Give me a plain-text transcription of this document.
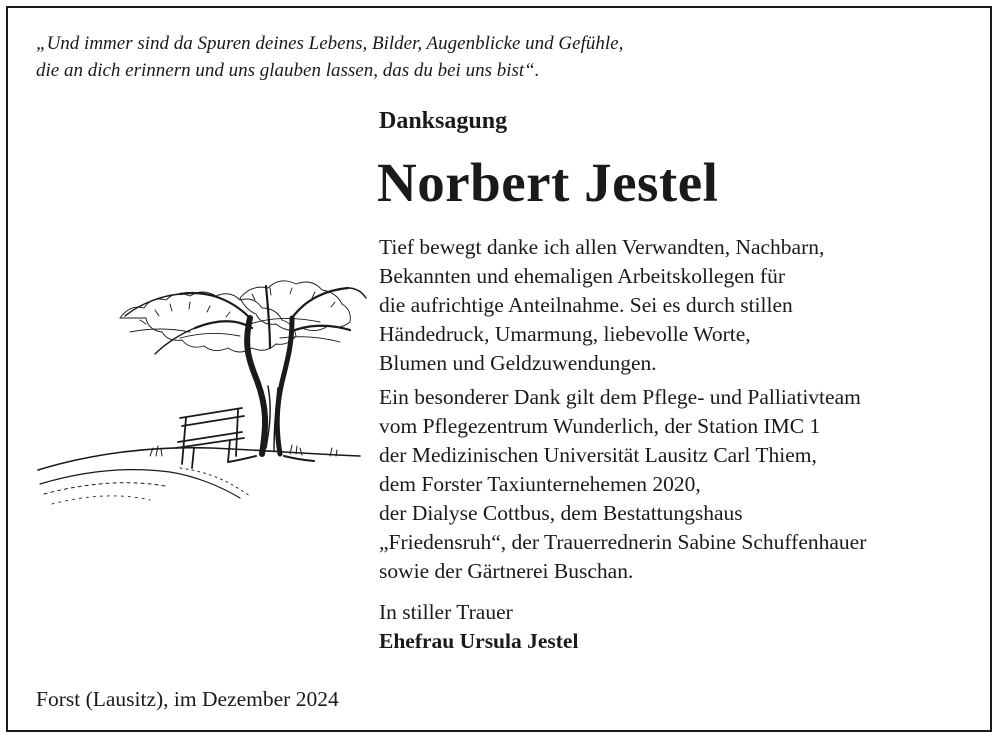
„Und immer sind da Spuren deines Lebens, Bilder, Augenblicke und Gefühle,
die an dich erinnern und uns glauben lassen, das du bei uns bist“.
Danksagung
Norbert Jestel
Tief bewegt danke ich allen Verwandten, Nachbarn,
Bekannten und ehemaligen Arbeitskollegen für
die aufrichtige Anteilnahme. Sei es durch stillen
Händedruck, Umarmung, liebevolle Worte,
Blumen und Geldzuwendungen.
Ein besonderer Dank gilt dem Pflege- und Palliativteam
vom Pflegezentrum Wunderlich, der Station IMC 1
der Medizinischen Universität Lausitz Carl Thiem,
dem Forster Taxiunternehemen 2020,
der Dialyse Cottbus, dem Bestattungshaus
„Friedensruh“, der Trauerrednerin Sabine Schuffenhauer
sowie der Gärtnerei Buschan.
In stiller Trauer
Ehefrau Ursula Jestel
Forst (Lausitz), im Dezember 2024
